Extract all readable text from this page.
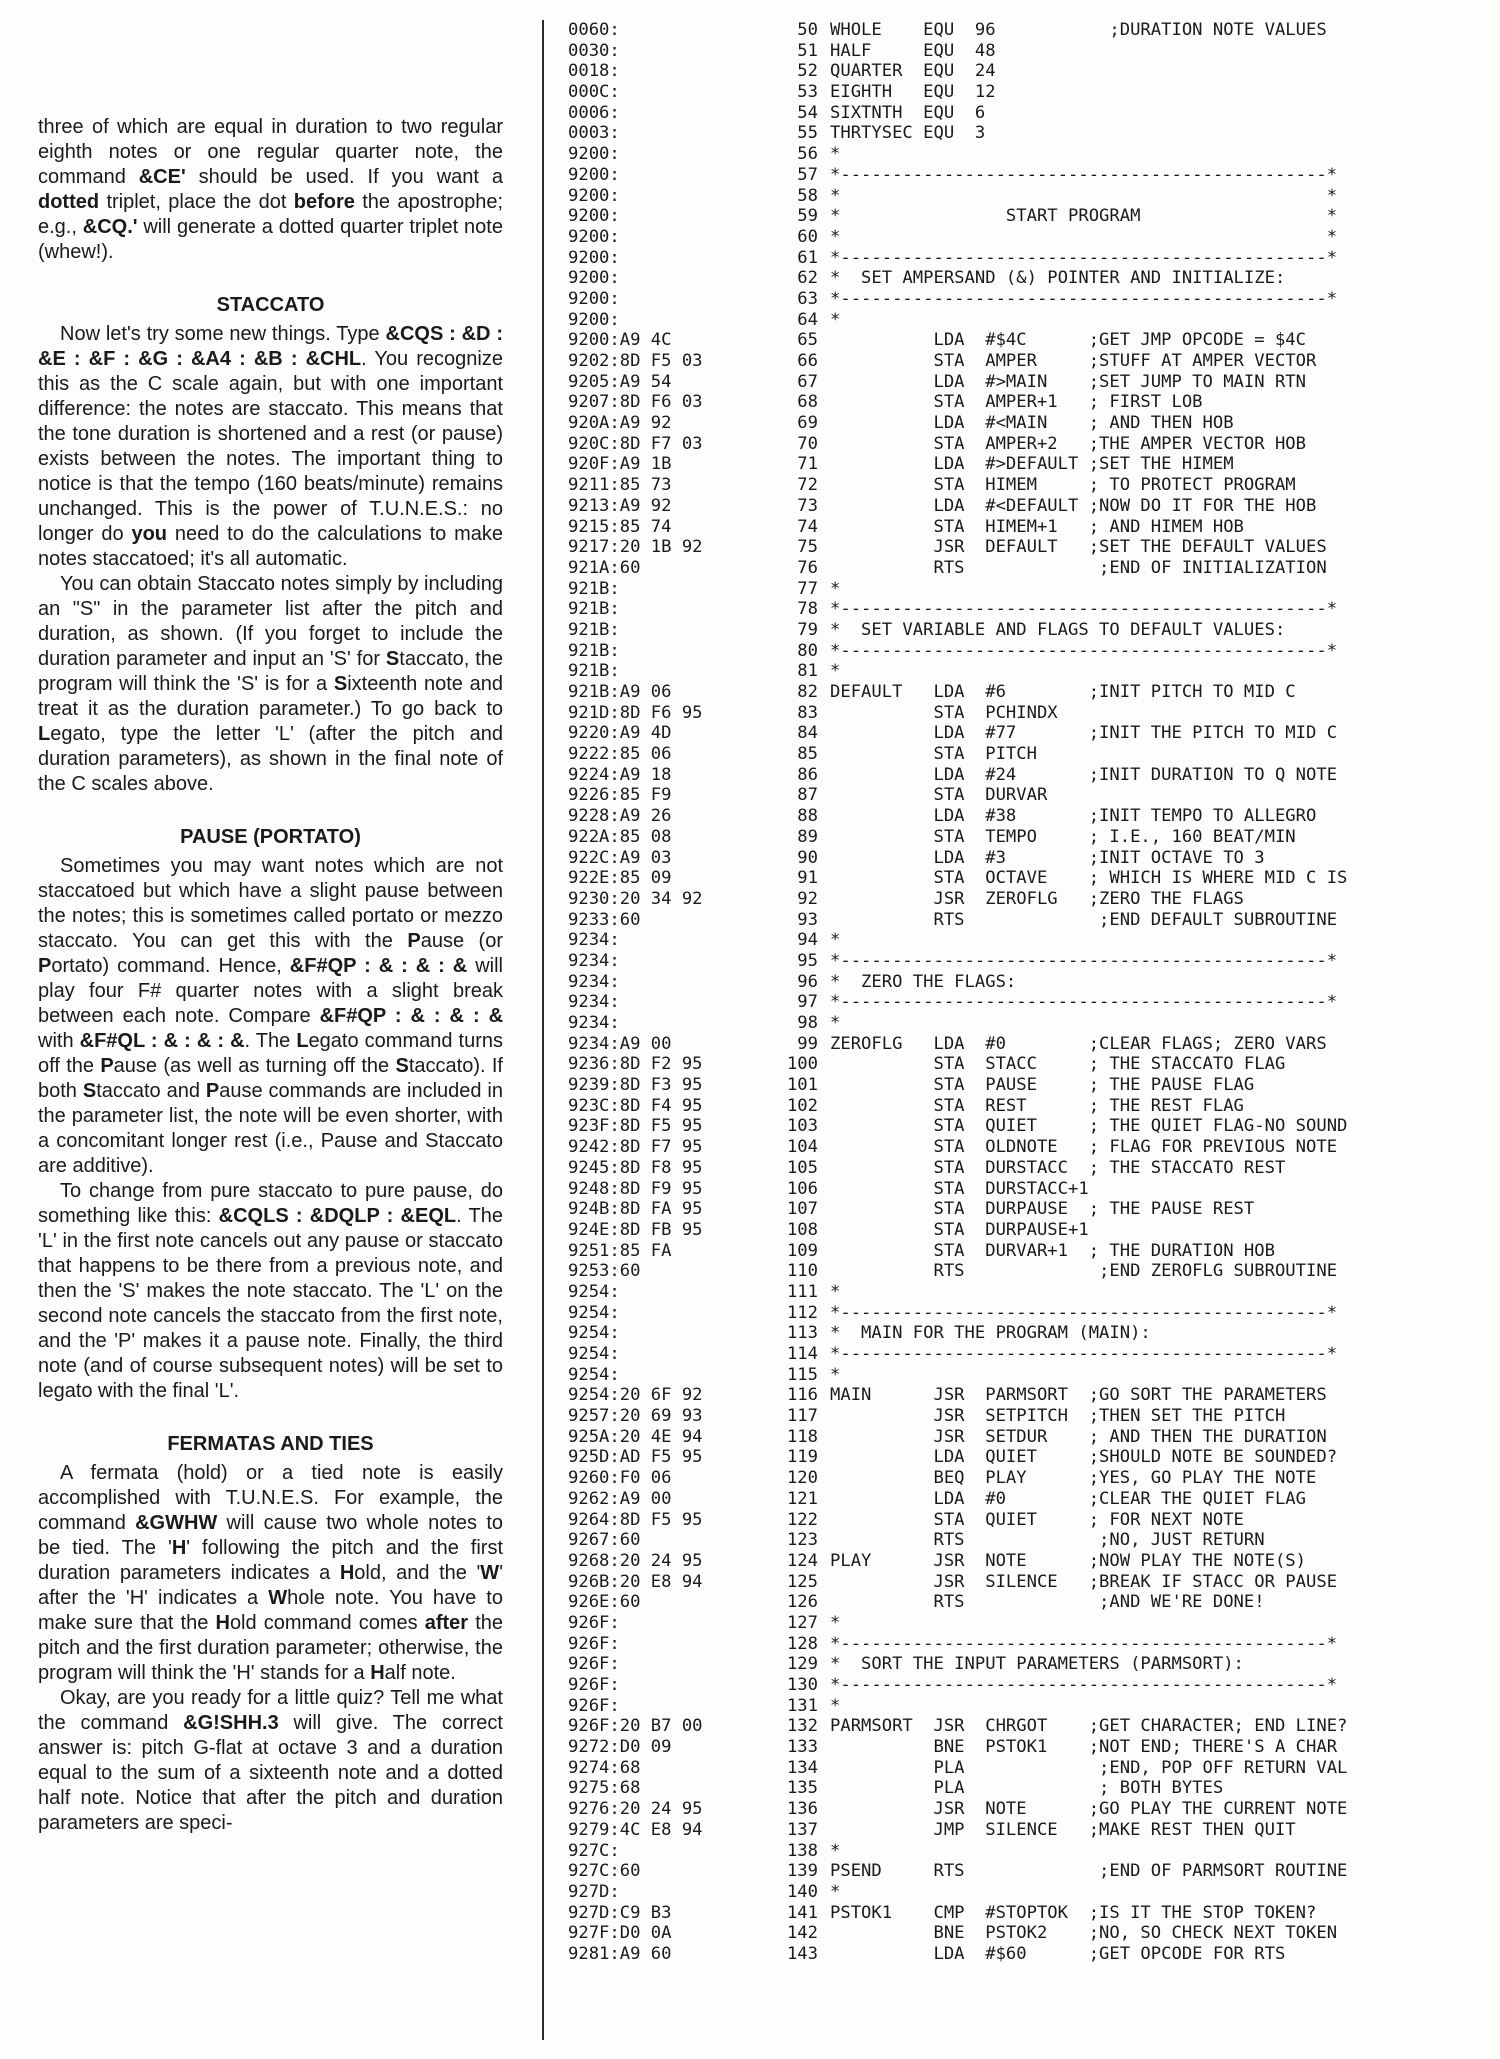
three of which are equal in duration to two regular eighth notes or one regular quarter note, the command &CE' should be used. If you want a dotted triplet, place the dot before the apostrophe; e.g., &CQ.' will generate a dotted quarter triplet note (whew!).

STACCATO

Now let's try some new things. Type &CQS : &D : &E : &F : &G : &A4 : &B : &CHL. You recognize this as the C scale again, but with one important difference: the notes are staccato. This means that the tone duration is shortened and a rest (or pause) exists between the notes. The important thing to notice is that the tempo (160 beats/minute) remains unchanged. This is the power of T.U.N.E.S.: no longer do you need to do the calculations to make notes staccatoed; it's all automatic.

You can obtain Staccato notes simply by including an "S" in the parameter list after the pitch and duration, as shown. (If you forget to include the duration parameter and input an 'S' for Staccato, the program will think the 'S' is for a Sixteenth note and treat it as the duration parameter.) To go back to Legato, type the letter 'L' (after the pitch and duration parameters), as shown in the final note of the C scales above.

PAUSE (PORTATO)

Sometimes you may want notes which are not staccatoed but which have a slight pause between the notes; this is sometimes called portato or mezzo staccato. You can get this with the Pause (or Portato) command. Hence, &F#QP : & : & : & will play four F# quarter notes with a slight break between each note. Compare &F#QP : & : & : & with &F#QL : & : & : &. The Legato command turns off the Pause (as well as turning off the Staccato). If both Staccato and Pause commands are included in the parameter list, the note will be even shorter, with a concomitant longer rest (i.e., Pause and Staccato are additive).

To change from pure staccato to pure pause, do something like this: &CQLS : &DQLP : &EQL. The 'L' in the first note cancels out any pause or staccato that happens to be there from a previous note, and then the 'S' makes the note staccato. The 'L' on the second note cancels the staccato from the first note, and the 'P' makes it a pause note. Finally, the third note (and of course subsequent notes) will be set to legato with the final 'L'.

FERMATAS AND TIES

A fermata (hold) or a tied note is easily accomplished with T.U.N.E.S. For example, the command &GWHW will cause two whole notes to be tied. The 'H' following the pitch and the first duration parameters indicates a Hold, and the 'W' after the 'H' indicates a Whole note. You have to make sure that the Hold command comes after the pitch and the first duration parameter; otherwise, the program will think the 'H' stands for a Half note.

Okay, are you ready for a little quiz? Tell me what the command &G!SHH.3 will give. The correct answer is: pitch G-flat at octave 3 and a duration equal to the sum of a sixteenth note and a dotted half note. Notice that after the pitch and duration parameters are speci-

0060:	50 WHOLE    EQU  96           ;DURATION NOTE VALUES
0030:	51 HALF     EQU  48
0018:	52 QUARTER  EQU  24
000C:	53 EIGHTH   EQU  12
0006:	54 SIXTNTH  EQU  6
0003:	55 THRTYSEC EQU  3
9200:	56 *
9200:	57 *-----------------------------------------------*
9200:	58 *                                               *
9200:	59 *                START PROGRAM                  *
9200:	60 *                                               *
9200:	61 *-----------------------------------------------*
9200:	62 *  SET AMPERSAND (&) POINTER AND INITIALIZE:
9200:	63 *-----------------------------------------------*
9200:	64 *
9200:A9 4C	65 LDA  #$4C      ;GET JMP OPCODE = $4C
9202:8D F5 03	66 STA  AMPER     ;STUFF AT AMPER VECTOR
9205:A9 54	67 LDA  #>MAIN    ;SET JUMP TO MAIN RTN
9207:8D F6 03	68 STA  AMPER+1   ; FIRST LOB
920A:A9 92	69 LDA  #<MAIN    ; AND THEN HOB
920C:8D F7 03	70 STA  AMPER+2   ;THE AMPER VECTOR HOB
920F:A9 1B	71 LDA  #>DEFAULT ;SET THE HIMEM
9211:85 73	72 STA  HIMEM     ; TO PROTECT PROGRAM
9213:A9 92	73 LDA  #<DEFAULT ;NOW DO IT FOR THE HOB
9215:85 74	74 STA  HIMEM+1   ; AND HIMEM HOB
9217:20 1B 92	75 JSR  DEFAULT   ;SET THE DEFAULT VALUES
921A:60	76 RTS             ;END OF INITIALIZATION
921B:	77 *
921B:	78 *-----------------------------------------------*
921B:	79 *  SET VARIABLE AND FLAGS TO DEFAULT VALUES:
921B:	80 *-----------------------------------------------*
921B:	81 *
921B:A9 06	82 DEFAULT   LDA  #6        ;INIT PITCH TO MID C
921D:8D F6 95	83 STA  PCHINDX
9220:A9 4D	84 LDA  #77       ;INIT THE PITCH TO MID C
9222:85 06	85 STA  PITCH
9224:A9 18	86 LDA  #24       ;INIT DURATION TO Q NOTE
9226:85 F9	87 STA  DURVAR
9228:A9 26	88 LDA  #38       ;INIT TEMPO TO ALLEGRO
922A:85 08	89 STA  TEMPO     ; I.E., 160 BEAT/MIN
922C:A9 03	90 LDA  #3        ;INIT OCTAVE TO 3
922E:85 09	91 STA  OCTAVE    ; WHICH IS WHERE MID C IS
9230:20 34 92	92 JSR  ZEROFLG   ;ZERO THE FLAGS
9233:60	93 RTS             ;END DEFAULT SUBROUTINE
9234:	94 *
9234:	95 *-----------------------------------------------*
9234:	96 *  ZERO THE FLAGS:
9234:	97 *-----------------------------------------------*
9234:	98 *
9234:A9 00	99 ZEROFLG   LDA  #0        ;CLEAR FLAGS; ZERO VARS
9236:8D F2 95	100 STA  STACC     ; THE STACCATO FLAG
9239:8D F3 95	101 STA  PAUSE     ; THE PAUSE FLAG
923C:8D F4 95	102 STA  REST      ; THE REST FLAG
923F:8D F5 95	103 STA  QUIET     ; THE QUIET FLAG-NO SOUND
9242:8D F7 95	104 STA  OLDNOTE   ; FLAG FOR PREVIOUS NOTE
9245:8D F8 95	105 STA  DURSTACC  ; THE STACCATO REST
9248:8D F9 95	106 STA  DURSTACC+1
924B:8D FA 95	107 STA  DURPAUSE  ; THE PAUSE REST
924E:8D FB 95	108 STA  DURPAUSE+1
9251:85 FA	109 STA  DURVAR+1  ; THE DURATION HOB
9253:60	110 RTS             ;END ZEROFLG SUBROUTINE
9254:	111 *
9254:	112 *-----------------------------------------------*
9254:	113 *  MAIN FOR THE PROGRAM (MAIN):
9254:	114 *-----------------------------------------------*
9254:	115 *
9254:20 6F 92	116 MAIN      JSR  PARMSORT  ;GO SORT THE PARAMETERS
9257:20 69 93	117 JSR  SETPITCH  ;THEN SET THE PITCH
925A:20 4E 94	118 JSR  SETDUR    ; AND THEN THE DURATION
925D:AD F5 95	119 LDA  QUIET     ;SHOULD NOTE BE SOUNDED?
9260:F0 06	120 BEQ  PLAY      ;YES, GO PLAY THE NOTE
9262:A9 00	121 LDA  #0        ;CLEAR THE QUIET FLAG
9264:8D F5 95	122 STA  QUIET     ; FOR NEXT NOTE
9267:60	123 RTS             ;NO, JUST RETURN
9268:20 24 95	124 PLAY      JSR  NOTE      ;NOW PLAY THE NOTE(S)
926B:20 E8 94	125 JSR  SILENCE   ;BREAK IF STACC OR PAUSE
926E:60	126 RTS             ;AND WE'RE DONE!
926F:	127 *
926F:	128 *-----------------------------------------------*
926F:	129 *  SORT THE INPUT PARAMETERS (PARMSORT):
926F:	130 *-----------------------------------------------*
926F:	131 *
926F:20 B7 00	132 PARMSORT  JSR  CHRGOT    ;GET CHARACTER; END LINE?
9272:D0 09	133 BNE  PSTOK1    ;NOT END; THERE'S A CHAR
9274:68	134 PLA             ;END, POP OFF RETURN VAL
9275:68	135 PLA             ; BOTH BYTES
9276:20 24 95	136 JSR  NOTE      ;GO PLAY THE CURRENT NOTE
9279:4C E8 94	137 JMP  SILENCE   ;MAKE REST THEN QUIT
927C:	138 *
927C:60	139 PSEND     RTS             ;END OF PARMSORT ROUTINE
927D:	140 *
927D:C9 B3	141 PSTOK1    CMP  #STOPTOK  ;IS IT THE STOP TOKEN?
927F:D0 0A	142 BNE  PSTOK2    ;NO, SO CHECK NEXT TOKEN
9281:A9 60	143 LDA  #$60      ;GET OPCODE FOR RTS
